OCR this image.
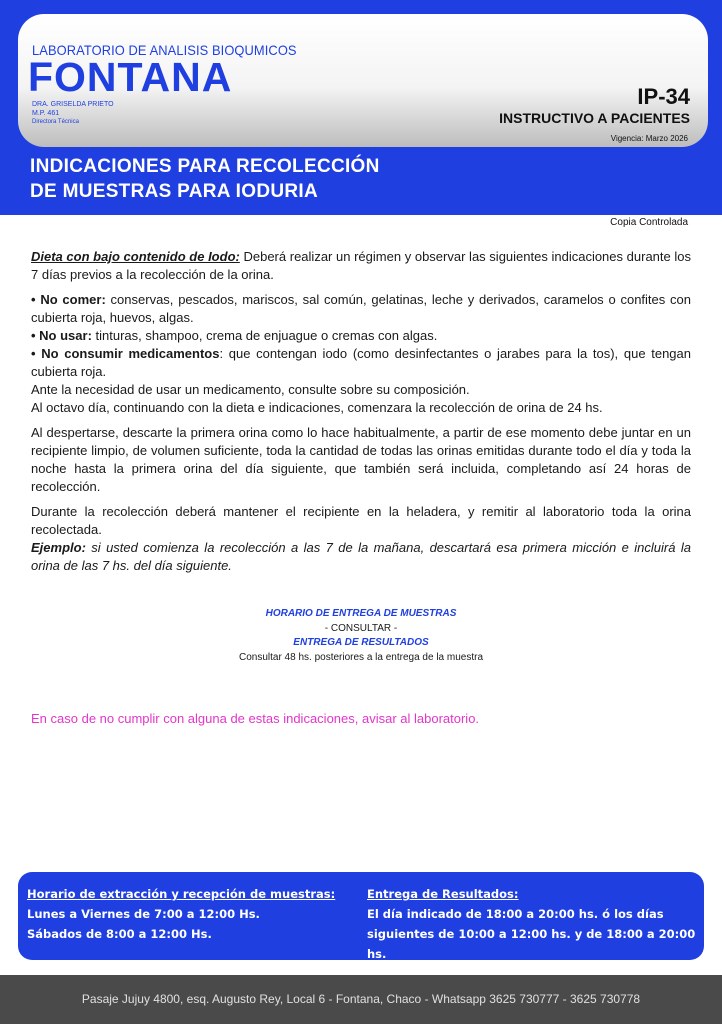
LABORATORIO DE ANALISIS BIOQUMICOS
FONTANA
DRA. GRISELDA PRIETO
M.P. 461
Directora Técnica
IP-34
INSTRUCTIVO A PACIENTES
Vigencia: Marzo 2026
INDICACIONES PARA RECOLECCIÓN
DE MUESTRAS PARA IODURIA
Copia Controlada

Dieta con bajo contenido de Iodo: Deberá realizar un régimen y observar las siguientes indicaciones durante los 7 días previos a la recolección de la orina.

• No comer: conservas, pescados, mariscos, sal común, gelatinas, leche y derivados, caramelos o confites con cubierta roja, huevos, algas.

• No usar: tinturas, shampoo, crema de enjuague o cremas con algas.

• No consumir medicamentos: que contengan iodo (como desinfectantes o jarabes para la tos), que tengan cubierta roja.

Ante la necesidad de usar un medicamento, consulte sobre su composición.

Al octavo día, continuando con la dieta e indicaciones, comenzara la recolección de orina de 24 hs.

Al despertarse, descarte la primera orina como lo hace habitualmente, a partir de ese momento debe juntar en un recipiente limpio, de volumen suficiente, toda la cantidad de todas las orinas emitidas durante todo el día y toda la noche hasta la primera orina del día siguiente, que también será incluida, completando así 24 horas de recolección.

Durante la recolección deberá mantener el recipiente en la heladera, y remitir al laboratorio toda la orina recolectada.

Ejemplo: si usted comienza la recolección a las 7 de la mañana, descartará esa primera micción e incluirá la orina de las 7 hs. del día siguiente.

HORARIO DE ENTREGA DE MUESTRAS
- CONSULTAR -
ENTREGA DE RESULTADOS
Consultar 48 hs. posteriores a la entrega de la muestra
En caso de no cumplir con alguna de estas indicaciones, avisar al laboratorio.
Horario de extracción y recepción de muestras:
Lunes a Viernes de 7:00 a 12:00 Hs.
Sábados de 8:00 a 12:00 Hs.
Entrega de Resultados:
El día indicado de 18:00 a 20:00 hs. ó los días
siguientes de 10:00 a 12:00 hs. y de 18:00 a 20:00 hs.
Pasaje Jujuy 4800, esq. Augusto Rey, Local 6 - Fontana, Chaco - Whatsapp 3625 730777 - 3625 730778
